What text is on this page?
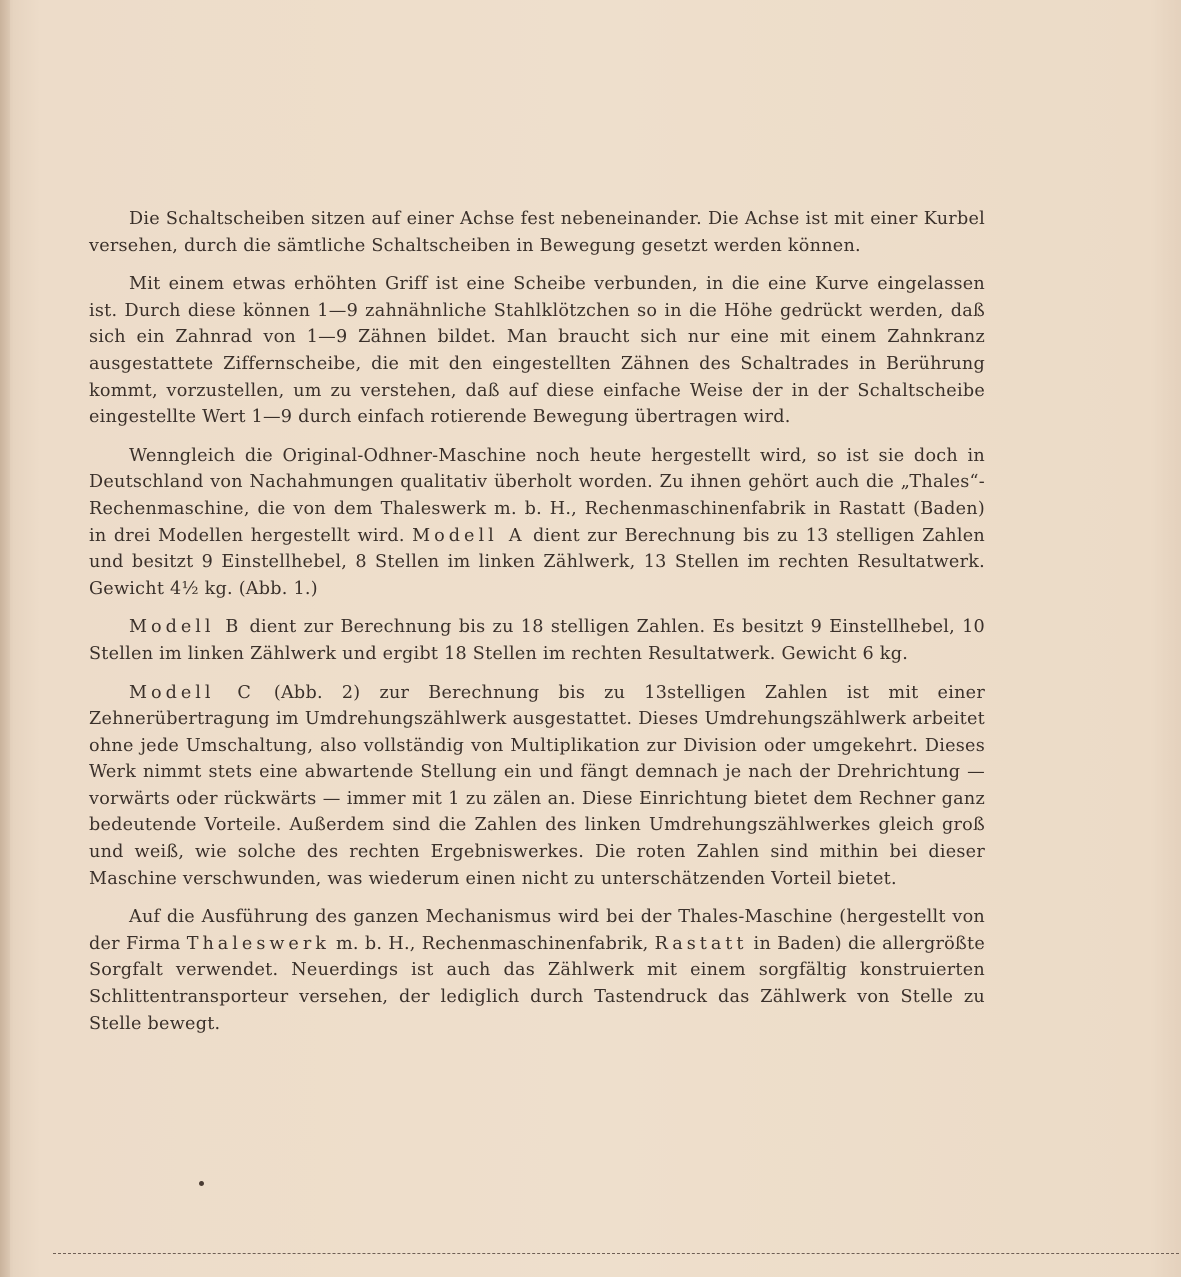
Die Schaltscheiben sitzen auf einer Achse fest nebeneinander. Die Achse ist mit einer Kurbel versehen, durch die sämtliche Schaltscheiben in Bewegung gesetzt werden können.

Mit einem etwas erhöhten Griff ist eine Scheibe verbunden, in die eine Kurve eingelassen ist. Durch diese können 1—9 zahnähnliche Stahlklötzchen so in die Höhe gedrückt werden, daß sich ein Zahnrad von 1—9 Zähnen bildet. Man braucht sich nur eine mit einem Zahnkranz ausgestattete Ziffernscheibe, die mit den eingestellten Zähnen des Schaltrades in Berührung kommt, vorzustellen, um zu verstehen, daß auf diese einfache Weise der in der Schaltscheibe eingestellte Wert 1—9 durch einfach rotierende Bewegung übertragen wird.

Wenngleich die Original-Odhner-Maschine noch heute hergestellt wird, so ist sie doch in Deutschland von Nachahmungen qualitativ überholt worden. Zu ihnen gehört auch die „Thales“-Rechenmaschine, die von dem Thaleswerk m. b. H., Rechenmaschinenfabrik in Rastatt (Baden) in drei Modellen hergestellt wird. Modell A dient zur Berechnung bis zu 13 stelligen Zahlen und besitzt 9 Einstellhebel, 8 Stellen im linken Zählwerk, 13 Stellen im rechten Resultatwerk. Gewicht 4½ kg. (Abb. 1.)

Modell B dient zur Berechnung bis zu 18 stelligen Zahlen. Es besitzt 9 Einstellhebel, 10 Stellen im linken Zählwerk und ergibt 18 Stellen im rechten Resultatwerk. Gewicht 6 kg.

Modell C (Abb. 2) zur Berechnung bis zu 13stelligen Zahlen ist mit einer Zehnerübertragung im Umdrehungszählwerk ausgestattet. Dieses Umdrehungszählwerk arbeitet ohne jede Umschaltung, also vollständig von Multiplikation zur Division oder umgekehrt. Dieses Werk nimmt stets eine abwartende Stellung ein und fängt demnach je nach der Drehrichtung — vorwärts oder rückwärts — immer mit 1 zu zälen an. Diese Einrichtung bietet dem Rechner ganz bedeutende Vorteile. Außerdem sind die Zahlen des linken Umdrehungszählwerkes gleich groß und weiß, wie solche des rechten Ergebniswerkes. Die roten Zahlen sind mithin bei dieser Maschine verschwunden, was wiederum einen nicht zu unterschätzenden Vorteil bietet.

Auf die Ausführung des ganzen Mechanismus wird bei der Thales-Maschine (hergestellt von der Firma Thaleswerk m. b. H., Rechenmaschinenfabrik, Rastatt in Baden) die allergrößte Sorgfalt verwendet. Neuerdings ist auch das Zählwerk mit einem sorgfältig konstruierten Schlittentransporteur versehen, der lediglich durch Tastendruck das Zählwerk von Stelle zu Stelle bewegt.
